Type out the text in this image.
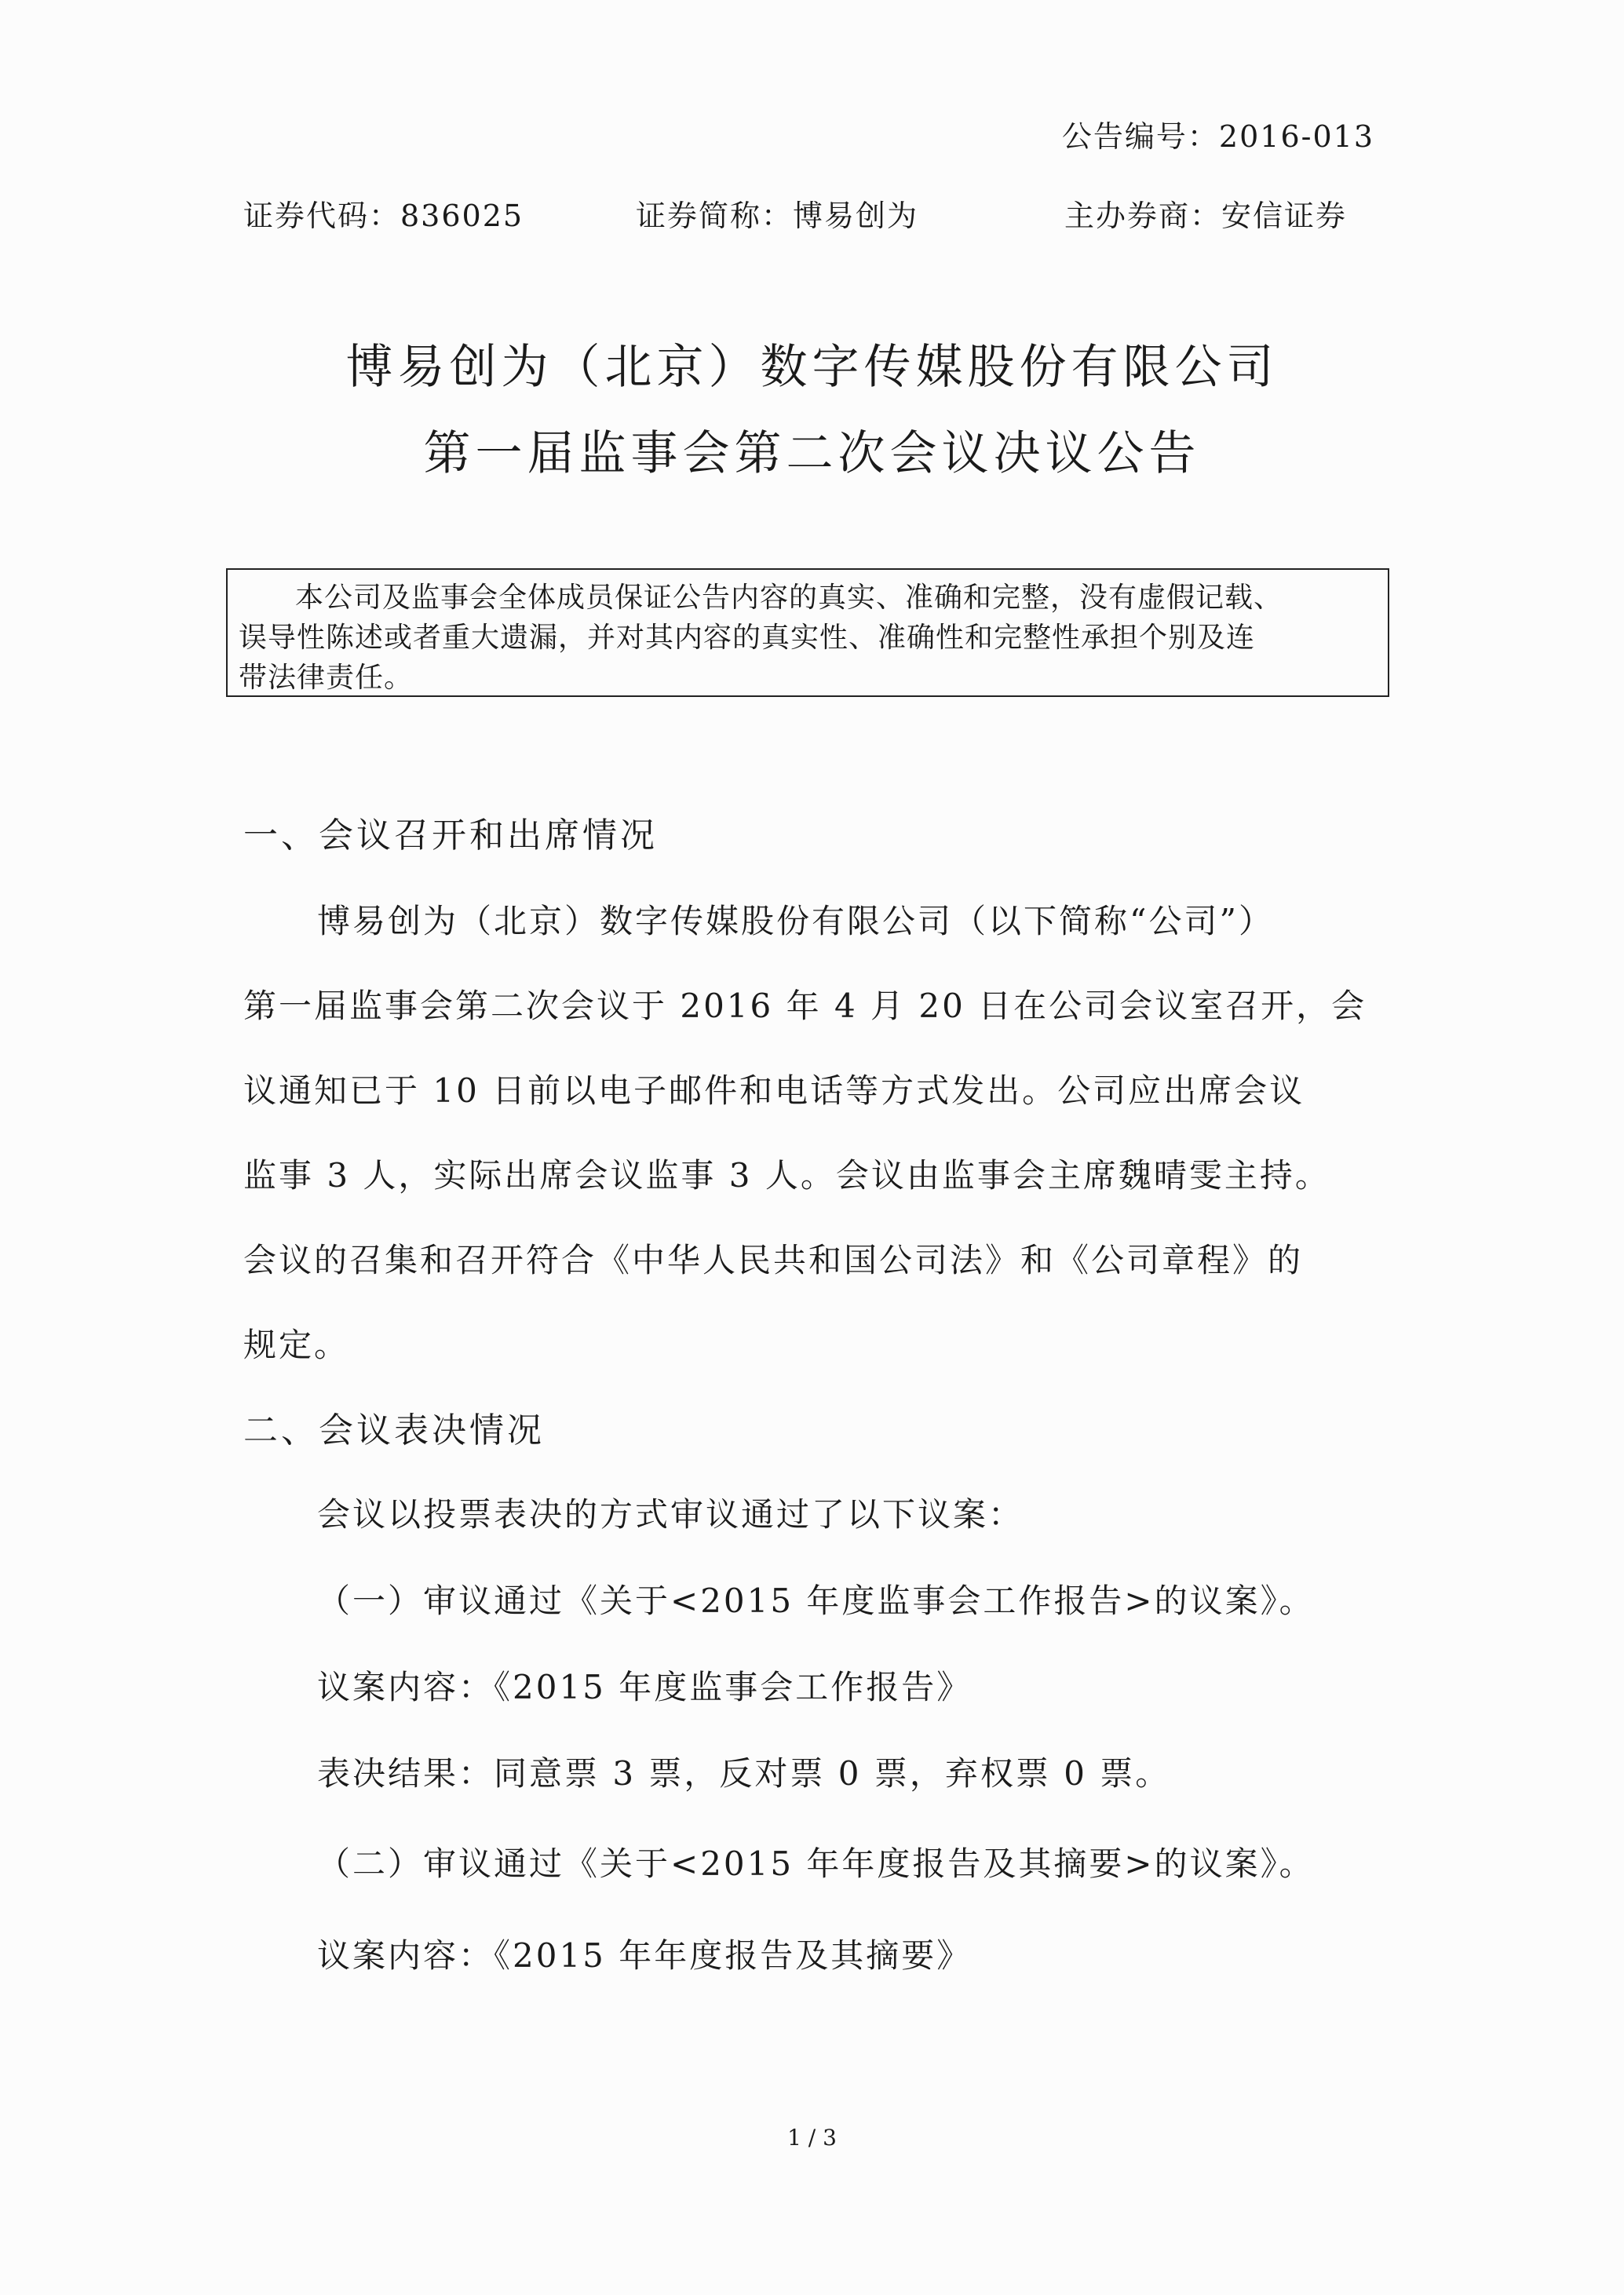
公告编号：2016-013
证券代码：836025	证券简称：博易创为	主办券商：安信证券
博易创为（北京）数字传媒股份有限公司
第一届监事会第二次会议决议公告

本公司及监事会全体成员保证公告内容的真实、准确和完整，没有虚假记载、

误导性陈述或者重大遗漏，并对其内容的真实性、准确性和完整性承担个别及连

带法律责任。

一、会议召开和出席情况
博易创为（北京）数字传媒股份有限公司（以下简称“公司”）
第一届监事会第二次会议于 2016 年 4 月 20 日在公司会议室召开，会
议通知已于 10 日前以电子邮件和电话等方式发出。公司应出席会议
监事 3 人，实际出席会议监事 3 人。会议由监事会主席魏晴雯主持。
会议的召集和召开符合《中华人民共和国公司法》和《公司章程》的
规定。
二、会议表决情况
会议以投票表决的方式审议通过了以下议案：
（一）审议通过《关于<2015 年度监事会工作报告>的议案》。
议案内容：《2015 年度监事会工作报告》
表决结果：同意票 3 票，反对票 0 票，弃权票 0 票。
（二）审议通过《关于<2015 年年度报告及其摘要>的议案》。
议案内容：《2015 年年度报告及其摘要》
1 / 3
